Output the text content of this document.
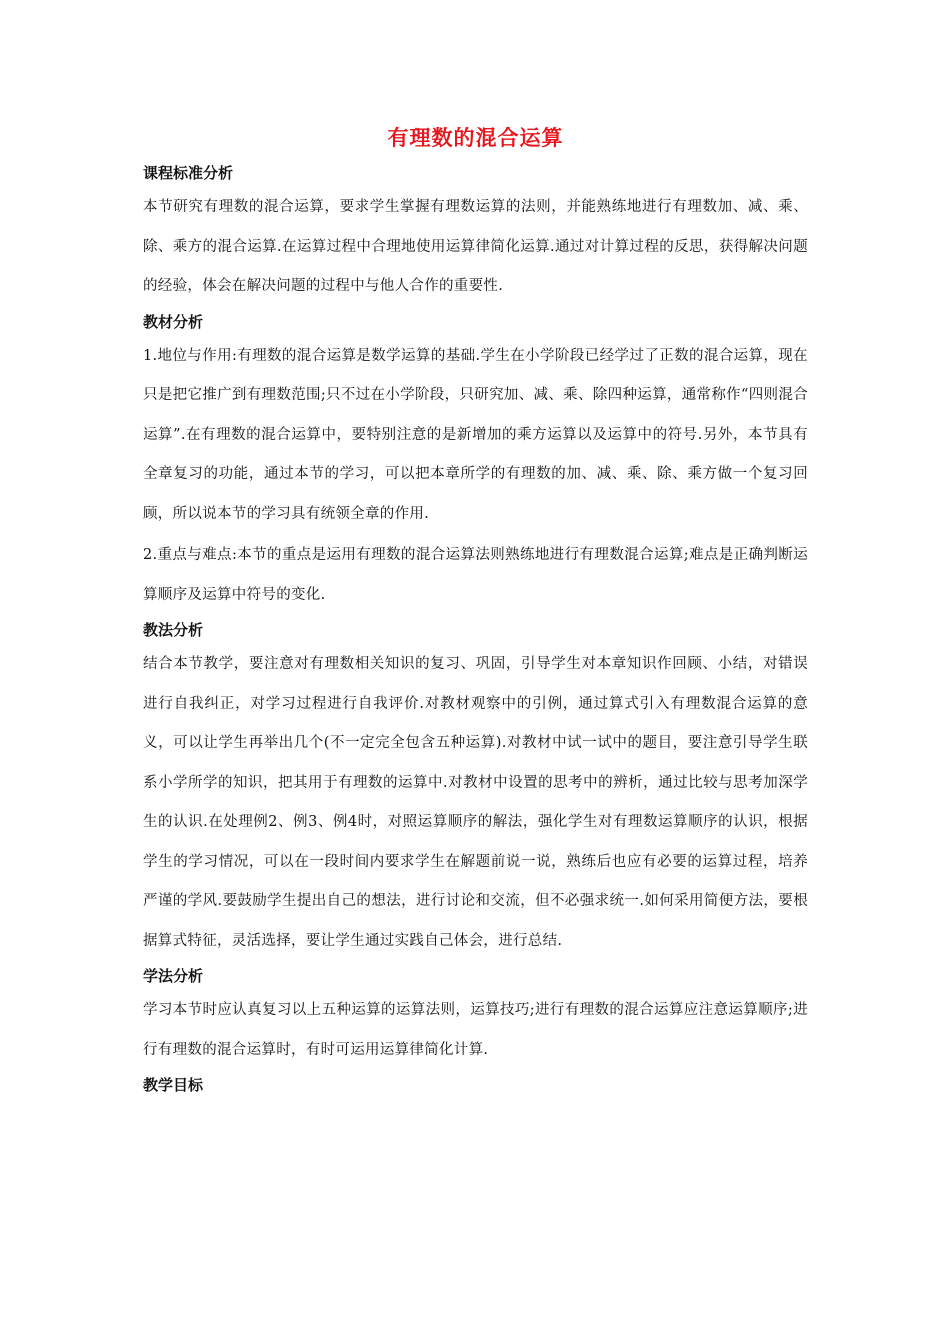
有理数的混合运算

课程标准分析

本节研究有理数的混合运算，要求学生掌握有理数运算的法则，并能熟练地进行有理数加、减、乘、除、乘方的混合运算.在运算过程中合理地使用运算律简化运算.通过对计算过程的反思，获得解决问题的经验，体会在解决问题的过程中与他人合作的重要性.

教材分析

1.地位与作用:有理数的混合运算是数学运算的基础.学生在小学阶段已经学过了正数的混合运算，现在只是把它推广到有理数范围;只不过在小学阶段，只研究加、减、乘、除四种运算，通常称作“四则混合运算”.在有理数的混合运算中，要特别注意的是新增加的乘方运算以及运算中的符号.另外，本节具有全章复习的功能，通过本节的学习，可以把本章所学的有理数的加、减、乘、除、乘方做一个复习回顾，所以说本节的学习具有统领全章的作用.

2.重点与难点:本节的重点是运用有理数的混合运算法则熟练地进行有理数混合运算;难点是正确判断运算顺序及运算中符号的变化.

教法分析

结合本节教学，要注意对有理数相关知识的复习、巩固，引导学生对本章知识作回顾、小结，对错误进行自我纠正，对学习过程进行自我评价.对教材观察中的引例，通过算式引入有理数混合运算的意义，可以让学生再举出几个(不一定完全包含五种运算).对教材中试一试中的题目，要注意引导学生联系小学所学的知识，把其用于有理数的运算中.对教材中设置的思考中的辨析，通过比较与思考加深学生的认识.在处理例2、例3、例4时，对照运算顺序的解法，强化学生对有理数运算顺序的认识，根据学生的学习情况，可以在一段时间内要求学生在解题前说一说，熟练后也应有必要的运算过程，培养严谨的学风.要鼓励学生提出自己的想法，进行讨论和交流，但不必强求统一.如何采用简便方法，要根据算式特征，灵活选择，要让学生通过实践自己体会，进行总结.

学法分析

学习本节时应认真复习以上五种运算的运算法则，运算技巧;进行有理数的混合运算应注意运算顺序;进行有理数的混合运算时，有时可运用运算律简化计算.

教学目标
